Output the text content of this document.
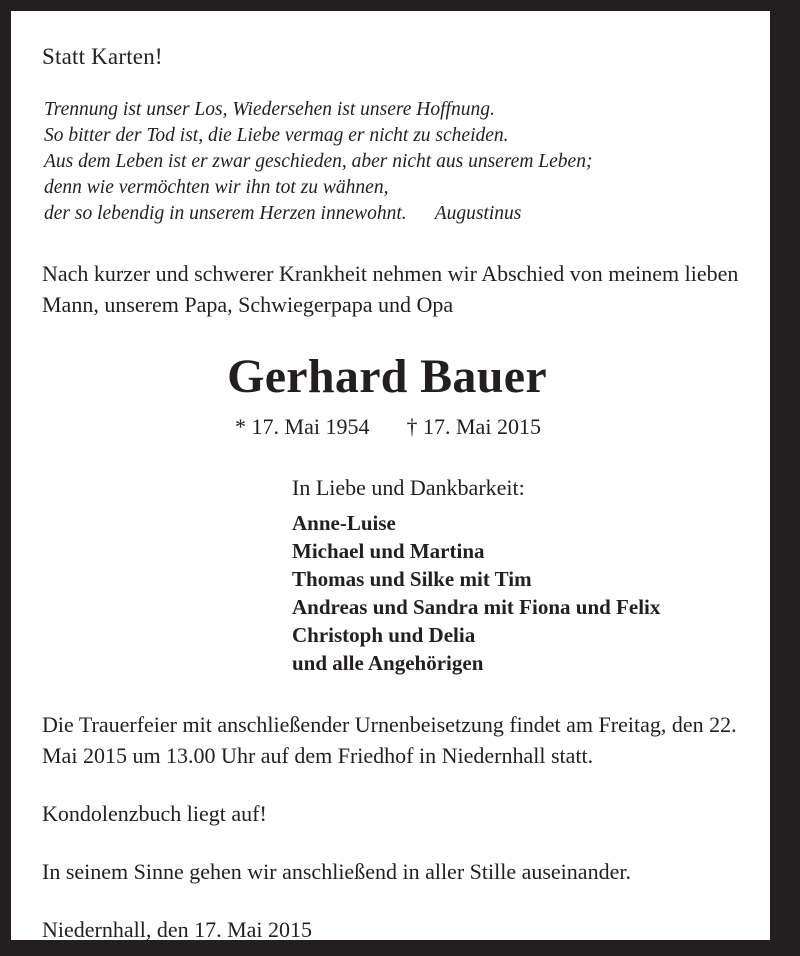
Statt Karten!
Trennung ist unser Los, Wiedersehen ist unsere Hoffnung.
So bitter der Tod ist, die Liebe vermag er nicht zu scheiden.
Aus dem Leben ist er zwar geschieden, aber nicht aus unserem Leben;
denn wie vermöchten wir ihn tot zu wähnen,
der so lebendig in unserem Herzen innewohnt. Augustinus
Nach kurzer und schwerer Krankheit nehmen wir Abschied von meinem lieben Mann, unserem Papa, Schwiegerpapa und Opa
Gerhard Bauer
* 17. Mai 1954 † 17. Mai 2015
In Liebe und Dankbarkeit:
Anne-Luise
Michael und Martina
Thomas und Silke mit Tim
Andreas und Sandra mit Fiona und Felix
Christoph und Delia
und alle Angehörigen
Die Trauerfeier mit anschließender Urnenbeisetzung findet am Freitag, den 22. Mai 2015 um 13.00 Uhr auf dem Friedhof in Niedernhall statt.
Kondolenzbuch liegt auf!
In seinem Sinne gehen wir anschließend in aller Stille auseinander.
Niedernhall, den 17. Mai 2015
